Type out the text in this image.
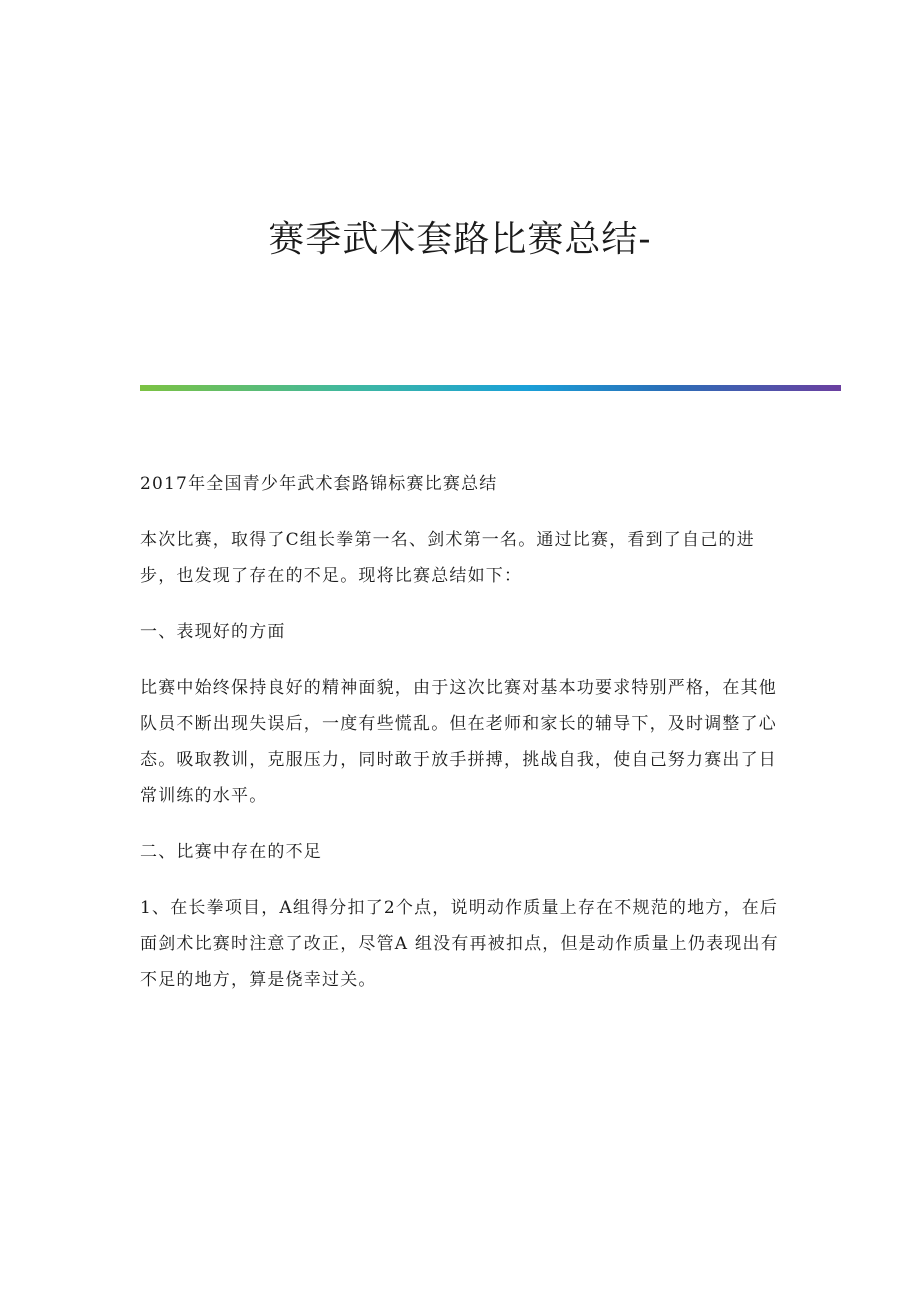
赛季武术套路比赛总结-

2017年全国青少年武术套路锦标赛比赛总结

本次比赛，取得了C组长拳第一名、剑术第一名。通过比赛，看到了自己的进步，也发现了存在的不足。现将比赛总结如下：

一、表现好的方面

比赛中始终保持良好的精神面貌，由于这次比赛对基本功要求特别严格，在其他队员不断出现失误后，一度有些慌乱。但在老师和家长的辅导下，及时调整了心态。吸取教训，克服压力，同时敢于放手拼搏，挑战自我，使自己努力赛出了日常训练的水平。

二、比赛中存在的不足

1、在长拳项目，A组得分扣了2个点，说明动作质量上存在不规范的地方，在后面剑术比赛时注意了改正，尽管A 组没有再被扣点，但是动作质量上仍表现出有不足的地方，算是侥幸过关。
